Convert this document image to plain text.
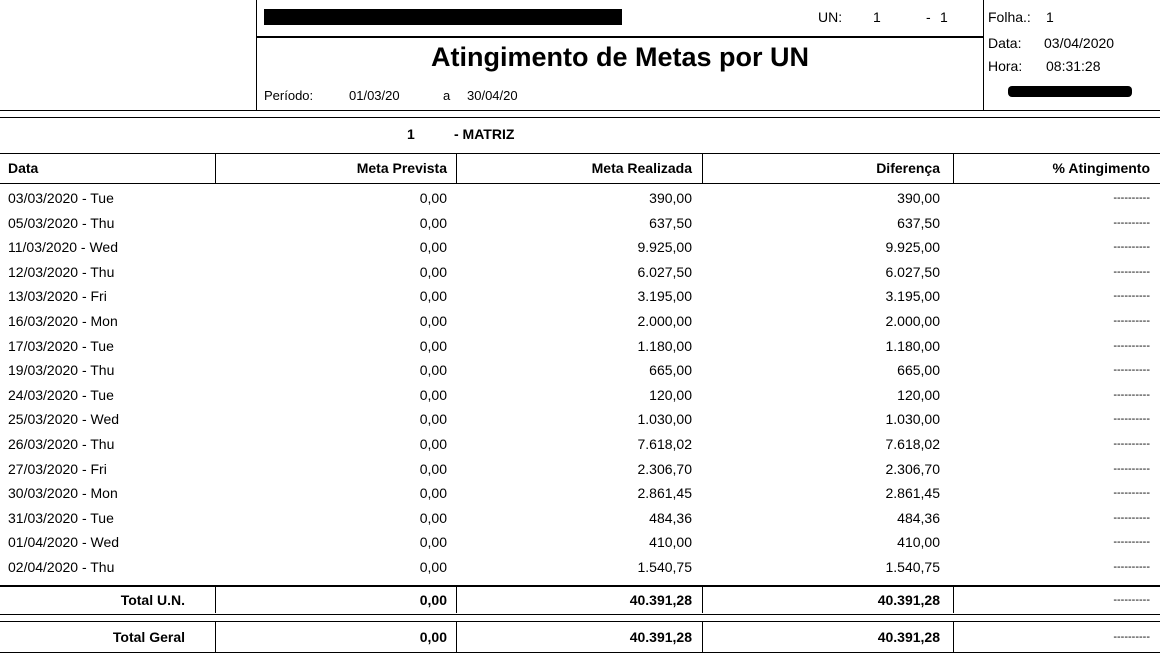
UN: 1	- 1
Atingimento de Metas por UN
Período:	01/03/20	a 30/04/20
Folha.: 1
Data: 03/04/2020
Hora: 08:31:28
1	- MATRIZ
Data	Meta Prevista	Meta Realizada	Diferença	% Atingimento
03/03/2020 - Tue	0,00	390,00	390,00	----------
05/03/2020 - Thu	0,00	637,50	637,50	----------
11/03/2020 - Wed	0,00	9.925,00	9.925,00	----------
12/03/2020 - Thu	0,00	6.027,50	6.027,50	----------
13/03/2020 - Fri	0,00	3.195,00	3.195,00	----------
16/03/2020 - Mon	0,00	2.000,00	2.000,00	----------
17/03/2020 - Tue	0,00	1.180,00	1.180,00	----------
19/03/2020 - Thu	0,00	665,00	665,00	----------
24/03/2020 - Tue	0,00	120,00	120,00	----------
25/03/2020 - Wed	0,00	1.030,00	1.030,00	----------
26/03/2020 - Thu	0,00	7.618,02	7.618,02	----------
27/03/2020 - Fri	0,00	2.306,70	2.306,70	----------
30/03/2020 - Mon	0,00	2.861,45	2.861,45	----------
31/03/2020 - Tue	0,00	484,36	484,36	----------
01/04/2020 - Wed	0,00	410,00	410,00	----------
02/04/2020 - Thu	0,00	1.540,75	1.540,75	----------
Total U.N.	0,00	40.391,28	40.391,28	----------
Total Geral	0,00	40.391,28	40.391,28	----------
